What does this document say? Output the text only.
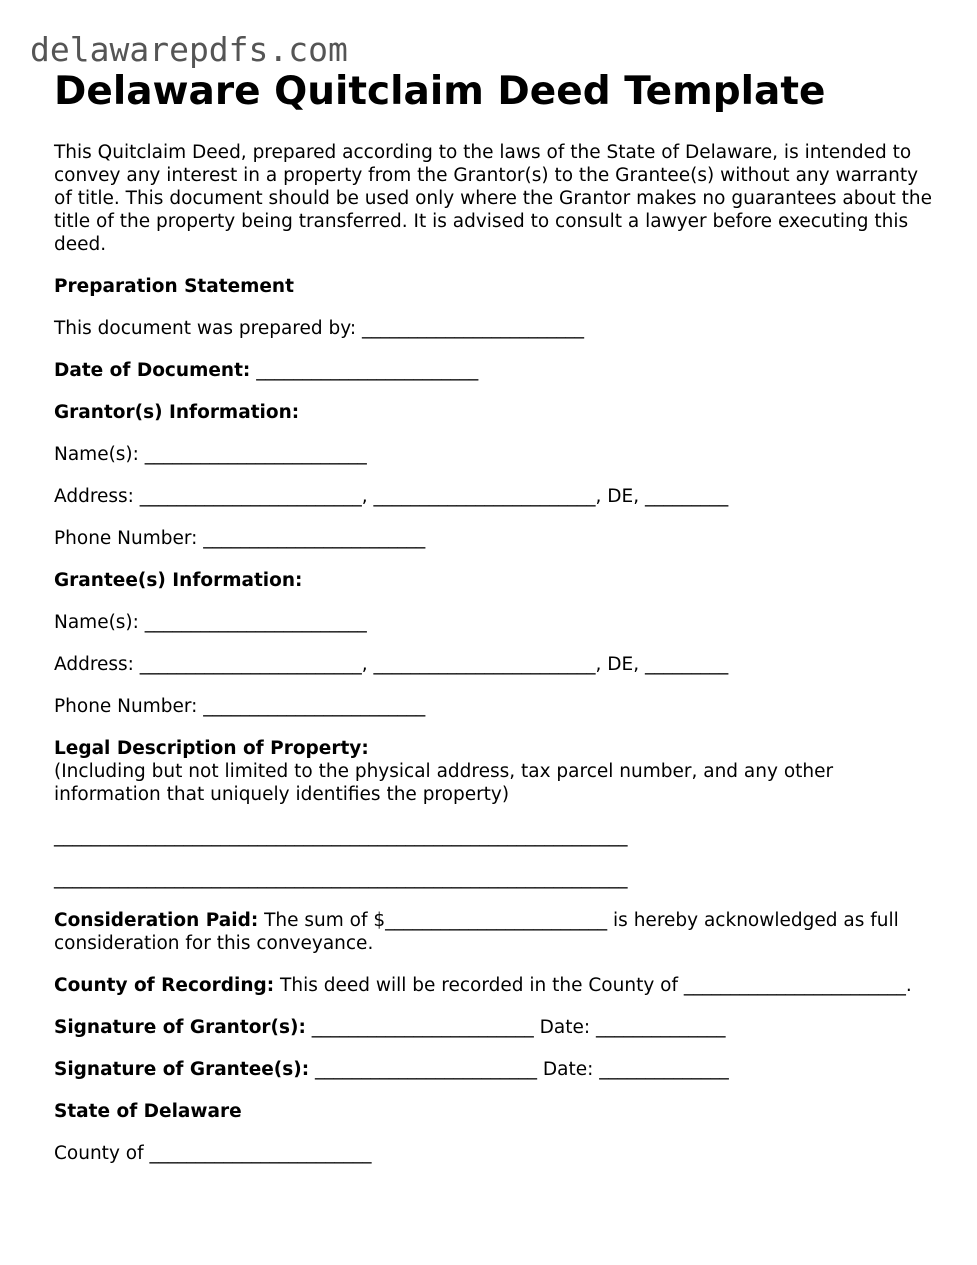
delawarepdfs.com
Delaware Quitclaim Deed Template

This Quitclaim Deed, prepared according to the laws of the State of Delaware, is intended to convey any interest in a property from the Grantor(s) to the Grantee(s) without any warranty of title. This document should be used only where the Grantor makes no guarantees about the title of the property being transferred. It is advised to consult a lawyer before executing this deed.

Preparation Statement

This document was prepared by: ________________________

Date of Document: ________________________

Grantor(s) Information:

Name(s): ________________________

Address: ________________________, ________________________, DE, _________

Phone Number: ________________________

Grantee(s) Information:

Name(s): ________________________

Address: ________________________, ________________________, DE, _________

Phone Number: ________________________

Legal Description of Property:

(Including but not limited to the physical address, tax parcel number, and any other information that uniquely identifies the property)

______________________________________________________________

______________________________________________________________

Consideration Paid: The sum of $________________________ is hereby acknowledged as full consideration for this conveyance.

County of Recording: This deed will be recorded in the County of ________________________.

Signature of Grantor(s): ________________________ Date: ______________

Signature of Grantee(s): ________________________ Date: ______________

State of Delaware

County of ________________________
